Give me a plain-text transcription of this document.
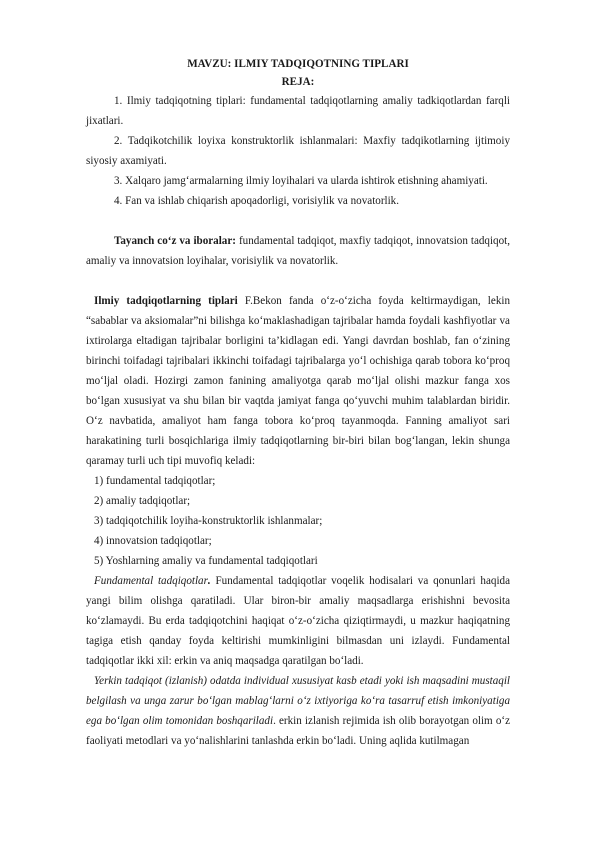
MAVZU: ILMIY TADQIQOTNING TIPLARI

REJA:

1. Ilmiy tadqiqotning tiplari: fundamental tadqiqotlarning amaliy tadkiqotlardan farqli jixatlari.

2. Tadqikotchilik loyixa konstruktorlik ishlanmalari: Maxfiy tadqikotlarning ijtimoiy siyosiy axamiyati.

3. Xalqaro jamg‘armalarning ilmiy loyihalari va ularda ishtirok etishning ahamiyati.

4. Fan va ishlab chiqarish apoqadorligi, vorisiylik va novatorlik.

Tayanch co‘z va iboralar: fundamental tadqiqot, maxfiy tadqiqot, innovatsion tadqiqot, amaliy va innovatsion loyihalar, vorisiylik va novatorlik.

Ilmiy tadqiqotlarning tiplari F.Bekon fanda o‘z-o‘zicha foyda keltirmaydigan, lekin “sabablar va aksiomalar”ni bilishga ko‘maklashadigan tajribalar hamda foydali kashfiyotlar va ixtirolarga eltadigan tajribalar borligini ta’kidlagan edi. Yangi davrdan boshlab, fan o‘zining birinchi toifadagi tajribalari ikkinchi toifadagi tajribalarga yo‘l ochishiga qarab tobora ko‘proq mo‘ljal oladi. Hozirgi zamon fanining amaliyotga qarab mo‘ljal olishi mazkur fanga xos bo‘lgan xususiyat va shu bilan bir vaqtda jamiyat fanga qo‘yuvchi muhim talablardan biridir. O‘z navbatida, amaliyot ham fanga tobora ko‘proq tayanmoqda. Fanning amaliyot sari harakatining turli bosqichlariga ilmiy tadqiqotlarning bir-biri bilan bog‘langan, lekin shunga qaramay turli uch tipi muvofiq keladi:

1) fundamental tadqiqotlar;

2) amaliy tadqiqotlar;

3) tadqiqotchilik loyiha-konstruktorlik ishlanmalar;

4) innovatsion tadqiqotlar;

5) Yoshlarning amaliy va fundamental tadqiqotlari

Fundamental tadqiqotlar. Fundamental tadqiqotlar voqelik hodisalari va qonunlari haqida yangi bilim olishga qaratiladi. Ular biron-bir amaliy maqsadlarga erishishni bevosita ko‘zlamaydi. Bu erda tadqiqotchini haqiqat o‘z-o‘zicha qiziqtirmaydi, u mazkur haqiqatning tagiga etish qanday foyda keltirishi mumkinligini bilmasdan uni izlaydi. Fundamental tadqiqotlar ikki xil: erkin va aniq maqsadga qaratilgan bo‘ladi.

Yerkin tadqiqot (izlanish) odatda individual xususiyat kasb etadi yoki ish maqsadini mustaqil belgilash va unga zarur bo‘lgan mablag‘larni o‘z ixtiyoriga ko‘ra tasarruf etish imkoniyatiga ega bo‘lgan olim tomonidan boshqariladi. erkin izlanish rejimida ish olib borayotgan olim o‘z faoliyati metodlari va yo‘nalishlarini tanlashda erkin bo‘ladi. Uning aqlida kutilmagan
